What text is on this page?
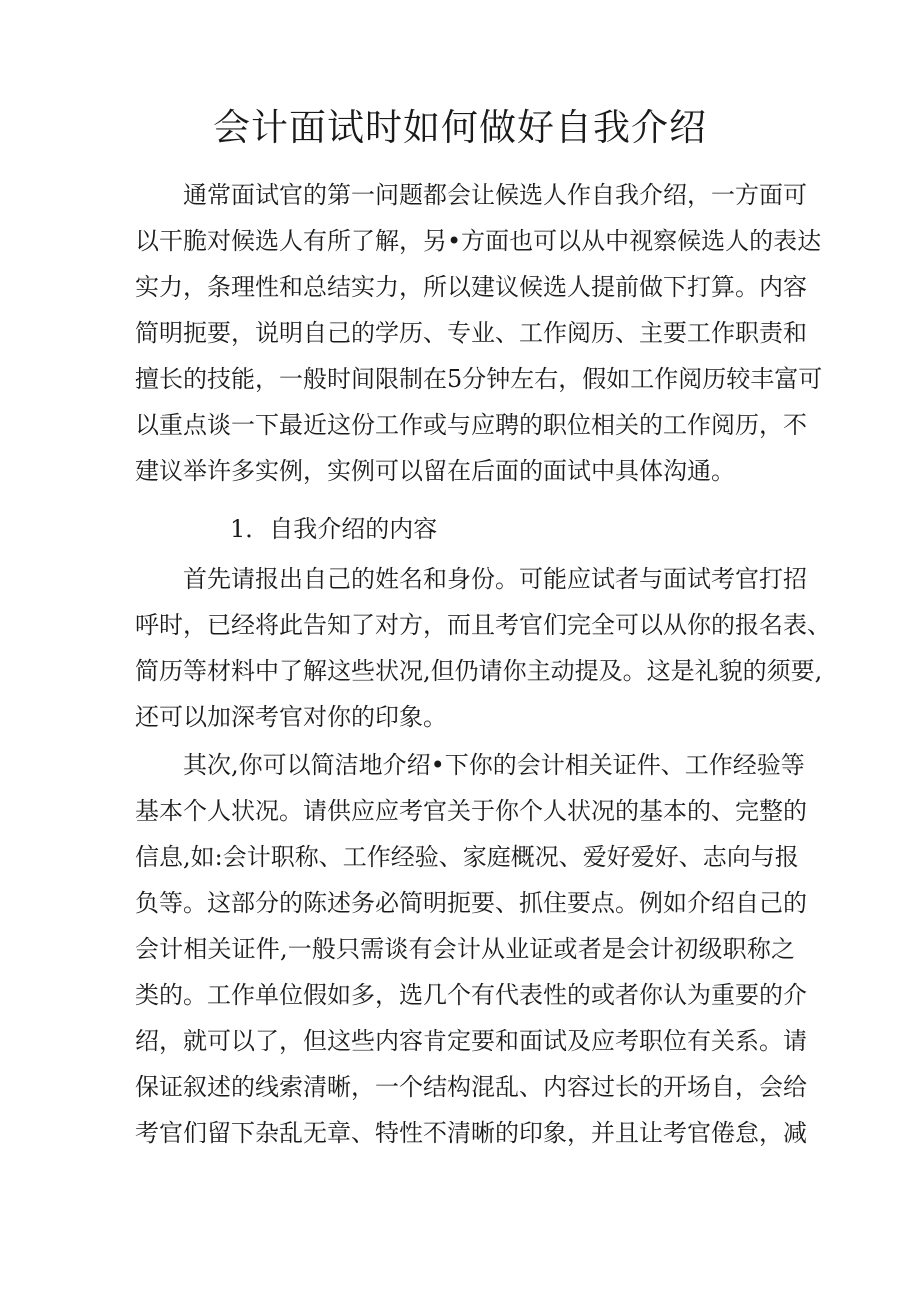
会计面试时如何做好自我介绍
通常面试官的第一问题都会让候选人作自我介绍，一方面可
以干脆对候选人有所了解，另•方面也可以从中视察候选人的表达
实力，条理性和总结实力，所以建议候选人提前做下打算。内容
简明扼要，说明自己的学历、专业、工作阅历、主要工作职责和
擅长的技能，一般时间限制在5分钟左右，假如工作阅历较丰富可
以重点谈一下最近这份工作或与应聘的职位相关的工作阅历，不
建议举许多实例，实例可以留在后面的面试中具体沟通。
1．自我介绍的内容
首先请报出自己的姓名和身份。可能应试者与面试考官打招
呼时，已经将此告知了对方，而且考官们完全可以从你的报名表、
简历等材料中了解这些状况,但仍请你主动提及。这是礼貌的须要,
还可以加深考官对你的印象。
其次,你可以简洁地介绍•下你的会计相关证件、工作经验等
基本个人状况。请供应应考官关于你个人状况的基本的、完整的
信息,如:会计职称、工作经验、家庭概况、爱好爱好、志向与报
负等。这部分的陈述务必简明扼要、抓住要点。例如介绍自己的
会计相关证件,一般只需谈有会计从业证或者是会计初级职称之
类的。工作单位假如多，选几个有代表性的或者你认为重要的介
绍，就可以了，但这些内容肯定要和面试及应考职位有关系。请
保证叙述的线索清晰，一个结构混乱、内容过长的开场自，会给
考官们留下杂乱无章、特性不清晰的印象，并且让考官倦怠，减
